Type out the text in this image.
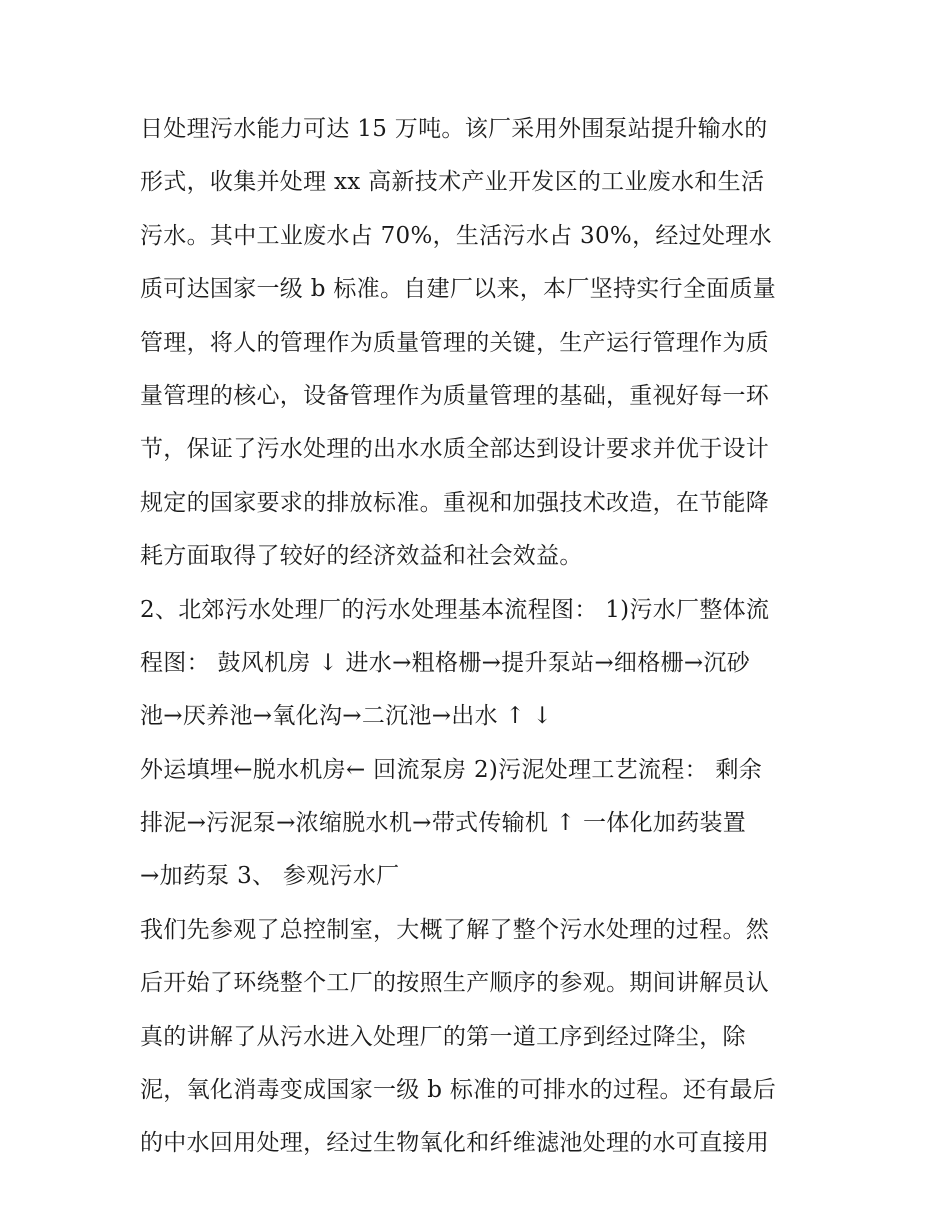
日处理污水能力可达 15 万吨。该厂采用外围泵站提升输水的
形式，收集并处理 xx 高新技术产业开发区的工业废水和生活
污水。其中工业废水占 70%，生活污水占 30%，经过处理水
质可达国家一级 b 标准。自建厂以来，本厂坚持实行全面质量
管理，将人的管理作为质量管理的关键，生产运行管理作为质
量管理的核心，设备管理作为质量管理的基础，重视好每一环
节，保证了污水处理的出水水质全部达到设计要求并优于设计
规定的国家要求的排放标准。重视和加强技术改造，在节能降
耗方面取得了较好的经济效益和社会效益。
2、北郊污水处理厂的污水处理基本流程图： 1)污水厂整体流
程图： 鼓风机房 ↓ 进水→粗格栅→提升泵站→细格栅→沉砂
池→厌养池→氧化沟→二沉池→出水 ↑ ↓
外运填埋←脱水机房← 回流泵房 2)污泥处理工艺流程： 剩余
排泥→污泥泵→浓缩脱水机→带式传输机 ↑ 一体化加药装置
→加药泵 3、 参观污水厂
我们先参观了总控制室，大概了解了整个污水处理的过程。然
后开始了环绕整个工厂的按照生产顺序的参观。期间讲解员认
真的讲解了从污水进入处理厂的第一道工序到经过降尘，除
泥，氧化消毒变成国家一级 b 标准的可排水的过程。还有最后
的中水回用处理，经过生物氧化和纤维滤池处理的水可直接用
